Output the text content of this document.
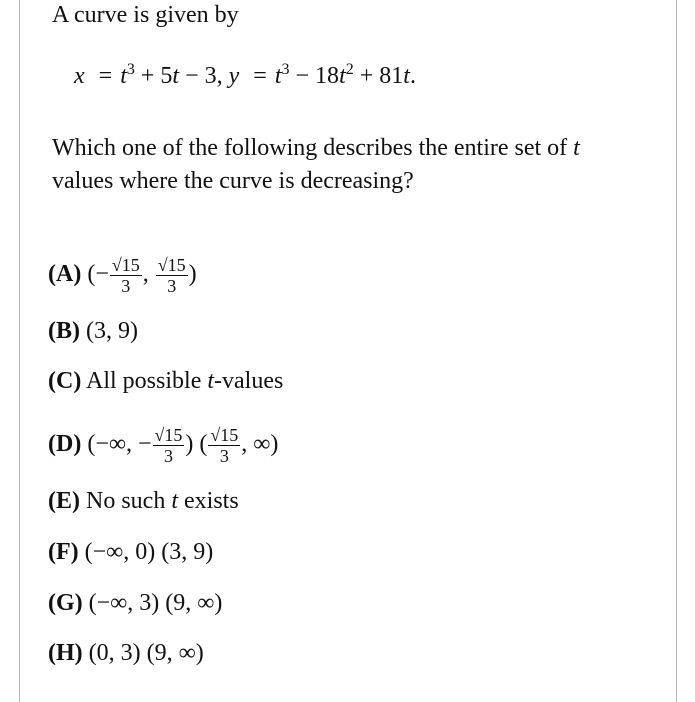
A curve is given by
$x = t^3 + 5t - 3$, $y = t^3 - 18t^2 + 81t$.
Which one of the following describes the entire set of t
values where the curve is decreasing?
(A) (− $\frac{√15}{3}$ , $\frac{√15}{3}$ )
(B) (3, 9)
(C) All possible t-values
(D) (−∞, − $\frac{√15}{3}$ ) ( $\frac{√15}{3}$ , ∞)
(E) No such t exists
(F) (−∞, 0) (3, 9)
(G) (−∞, 3) (9, ∞)
(H) (0, 3) (9, ∞)
